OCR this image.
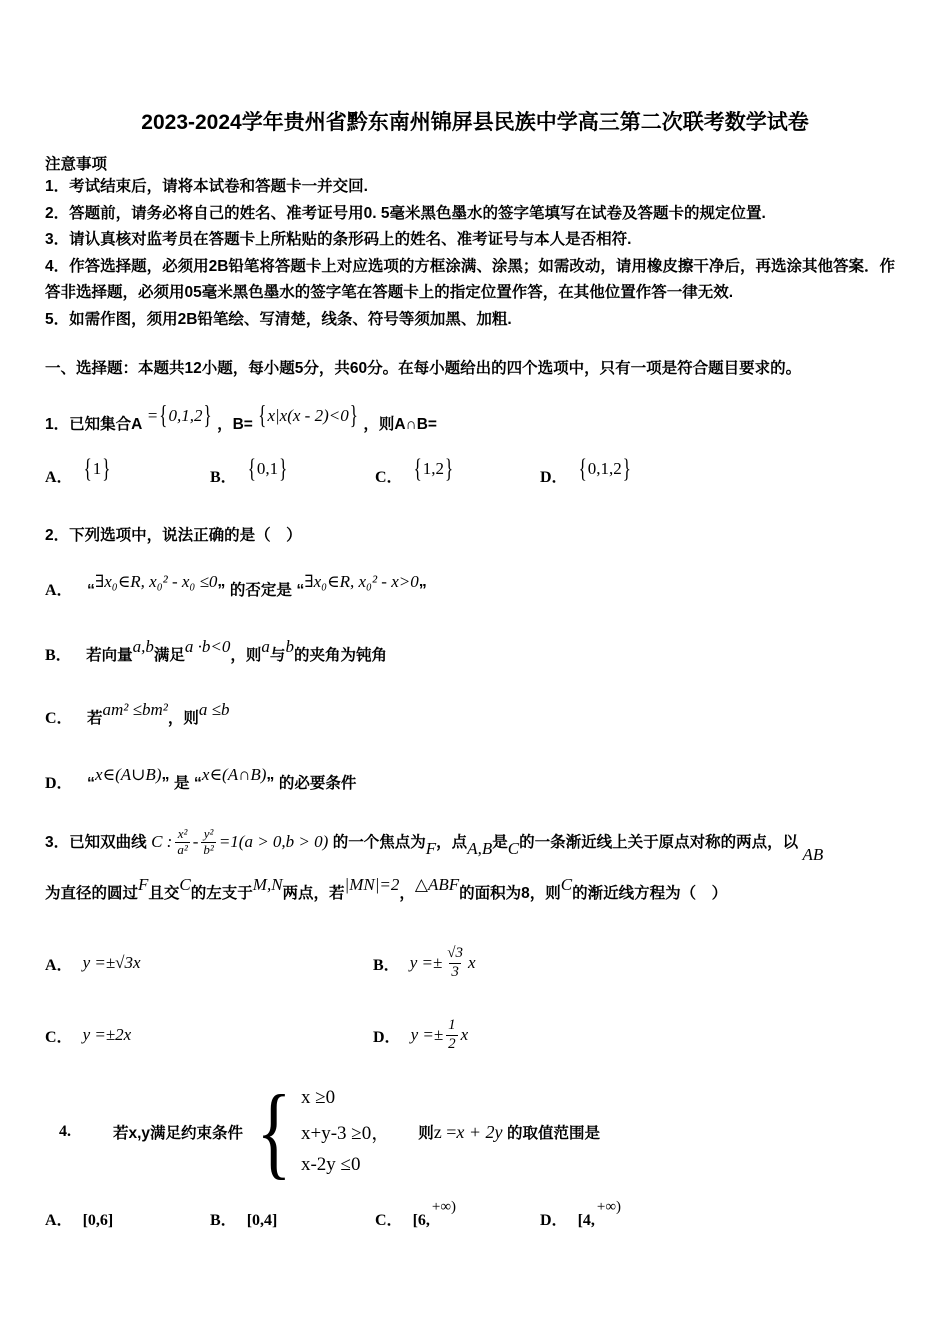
2023-2024学年贵州省黔东南州锦屏县民族中学高三第二次联考数学试卷
注意事项
1．考试结束后，请将本试卷和答题卡一并交回.
2．答题前，请务必将自己的姓名、准考证号用0. 5毫米黑色墨水的签字笔填写在试卷及答题卡的规定位置.
3．请认真核对监考员在答题卡上所粘贴的条形码上的姓名、准考证号与本人是否相符.
4．作答选择题，必须用2B铅笔将答题卡上对应选项的方框涂满、涂黑；如需改动，请用橡皮擦干净后，再选涂其他答案．作答非选择题，必须用05毫米黑色墨水的签字笔在答题卡上的指定位置作答，在其他位置作答一律无效.
5．如需作图，须用2B铅笔绘、写清楚，线条、符号等须加黑、加粗.
一、选择题：本题共12小题，每小题5分，共60分。在每小题给出的四个选项中，只有一项是符合题目要求的。
1．已知集合A ={0,1,2} ，B= {x|x(x - 2)<0} ，则A∩B=
A． {1}	B． {0,1}	C． {1,2}	D． {0,1,2}
2．下列选项中，说法正确的是（　）
A． “∃x₀∈R, x₀² - x₀ ≤0” 的否定是 “∃x₀∈R, x₀² - x>0”
B． 若向量a,b满足a ·b<0，则a与b的夹角为钝角
C． 若am² ≤bm²，则a ≤b
D． “x∈(A∪B)” 是 “x∈(A∩B)” 的必要条件
3．已知双曲线 C : $\frac{\text{x²}}{\text{a²}} - \frac{\text{y²}}{\text{b²}} =1(a > 0,b > 0)$ 的一个焦点为F，点A,B是C的一条渐近线上关于原点对称的两点，以 AB
为直径的圆过F且交C的左支于M,N两点，若|MN|=2，△ABF的面积为8，则C的渐近线方程为（　）
A． y =±√3x	B． $y =\pm \frac{√3}{3}$ x
C． y =±2x	D． $y =\pm \frac{1}{2}$ x
4.	若x,y满足约束条件 { x ≥0
x+y-3 ≥0，
x-2y ≤0
则z =x + 2y 的取值范围是
A． [0,6]	B． [0,4]	C． [6,+∞)
D． [4,+∞)
